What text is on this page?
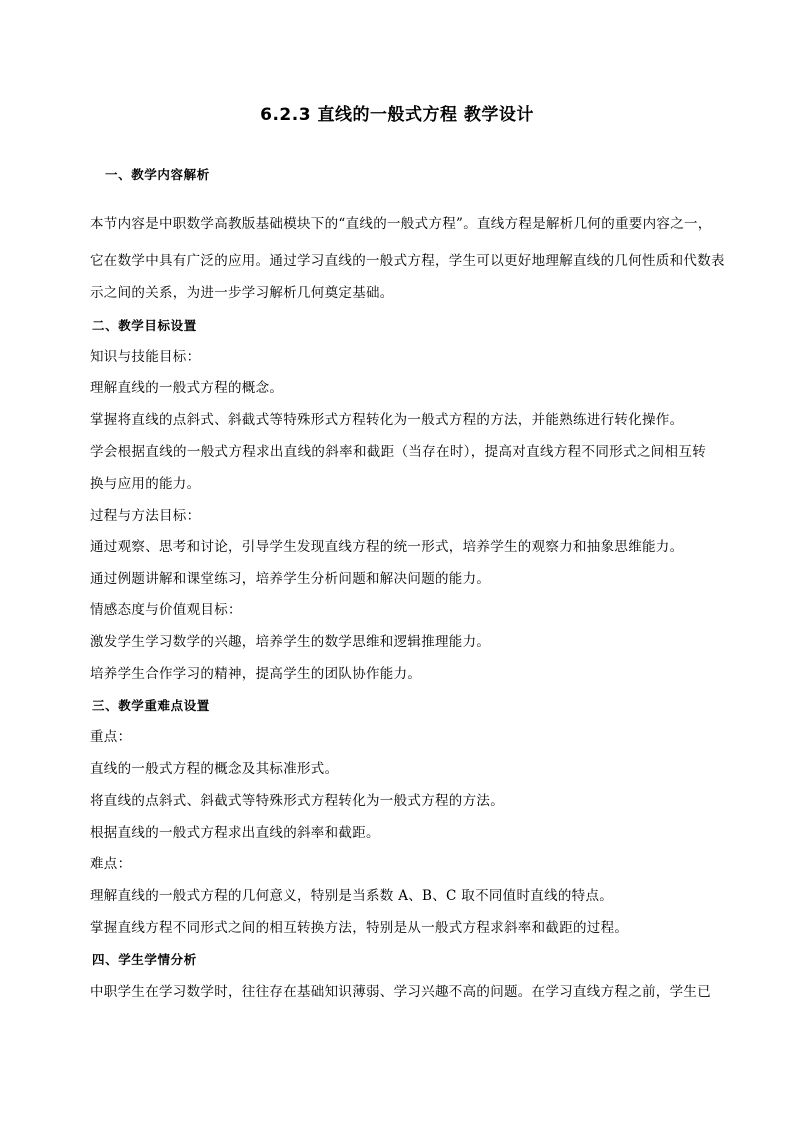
6.2.3 直线的一般式方程 教学设计
一、教学内容解析
本节内容是中职数学高教版基础模块下的“直线的一般式方程”。直线方程是解析几何的重要内容之一，
它在数学中具有广泛的应用。通过学习直线的一般式方程，学生可以更好地理解直线的几何性质和代数表
示之间的关系，为进一步学习解析几何奠定基础。
二、教学目标设置
知识与技能目标：
理解直线的一般式方程的概念。
掌握将直线的点斜式、斜截式等特殊形式方程转化为一般式方程的方法，并能熟练进行转化操作。
学会根据直线的一般式方程求出直线的斜率和截距（当存在时），提高对直线方程不同形式之间相互转
换与应用的能力。
过程与方法目标：
通过观察、思考和讨论，引导学生发现直线方程的统一形式，培养学生的观察力和抽象思维能力。
通过例题讲解和课堂练习，培养学生分析问题和解决问题的能力。
情感态度与价值观目标：
激发学生学习数学的兴趣，培养学生的数学思维和逻辑推理能力。
培养学生合作学习的精神，提高学生的团队协作能力。
三、教学重难点设置
重点：
直线的一般式方程的概念及其标准形式。
将直线的点斜式、斜截式等特殊形式方程转化为一般式方程的方法。
根据直线的一般式方程求出直线的斜率和截距。
难点：
理解直线的一般式方程的几何意义，特别是当系数 A、B、C 取不同值时直线的特点。
掌握直线方程不同形式之间的相互转换方法，特别是从一般式方程求斜率和截距的过程。
四、学生学情分析
中职学生在学习数学时，往往存在基础知识薄弱、学习兴趣不高的问题。在学习直线方程之前，学生已
